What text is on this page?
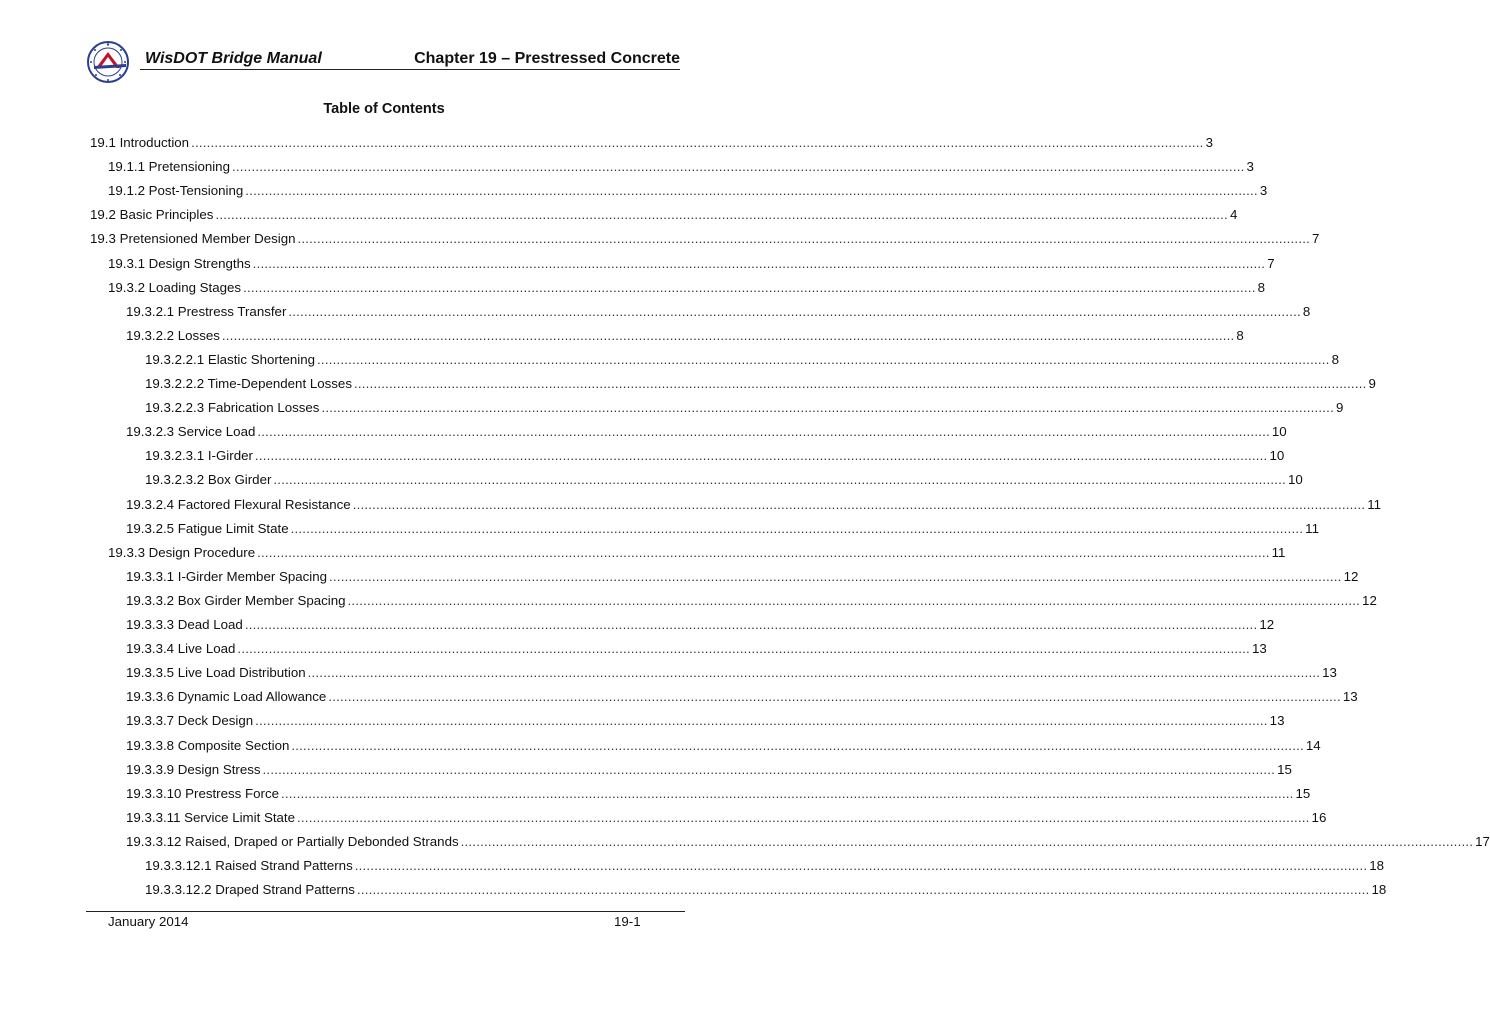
WisDOT Bridge Manual	Chapter 19 – Prestressed Concrete
Table of Contents
19.1 Introduction .................................................................................................................................................................................................................................................................... 3
19.1.1 Pretensioning .................................................................................................................................................................................................................................................................... 3
19.1.2 Post-Tensioning .................................................................................................................................................................................................................................................................... 3
19.2 Basic Principles .................................................................................................................................................................................................................................................................... 4
19.3 Pretensioned Member Design .................................................................................................................................................................................................................................................................... 7
19.3.1 Design Strengths .................................................................................................................................................................................................................................................................... 7
19.3.2 Loading Stages .................................................................................................................................................................................................................................................................... 8
19.3.2.1 Prestress Transfer .................................................................................................................................................................................................................................................................... 8
19.3.2.2 Losses .................................................................................................................................................................................................................................................................... 8
19.3.2.2.1 Elastic Shortening .................................................................................................................................................................................................................................................................... 8
19.3.2.2.2 Time-Dependent Losses .................................................................................................................................................................................................................................................................... 9
19.3.2.2.3 Fabrication Losses .................................................................................................................................................................................................................................................................... 9
19.3.2.3 Service Load .................................................................................................................................................................................................................................................................... 10
19.3.2.3.1 I-Girder .................................................................................................................................................................................................................................................................... 10
19.3.2.3.2 Box Girder .................................................................................................................................................................................................................................................................... 10
19.3.2.4 Factored Flexural Resistance .................................................................................................................................................................................................................................................................... 11
19.3.2.5 Fatigue Limit State .................................................................................................................................................................................................................................................................... 11
19.3.3 Design Procedure .................................................................................................................................................................................................................................................................... 11
19.3.3.1 I-Girder Member Spacing .................................................................................................................................................................................................................................................................... 12
19.3.3.2 Box Girder Member Spacing .................................................................................................................................................................................................................................................................... 12
19.3.3.3 Dead Load .................................................................................................................................................................................................................................................................... 12
19.3.3.4 Live Load .................................................................................................................................................................................................................................................................... 13
19.3.3.5 Live Load Distribution .................................................................................................................................................................................................................................................................... 13
19.3.3.6 Dynamic Load Allowance .................................................................................................................................................................................................................................................................... 13
19.3.3.7 Deck Design .................................................................................................................................................................................................................................................................... 13
19.3.3.8 Composite Section .................................................................................................................................................................................................................................................................... 14
19.3.3.9 Design Stress .................................................................................................................................................................................................................................................................... 15
19.3.3.10 Prestress Force .................................................................................................................................................................................................................................................................... 15
19.3.3.11 Service Limit State .................................................................................................................................................................................................................................................................... 16
19.3.3.12 Raised, Draped or Partially Debonded Strands .................................................................................................................................................................................................................................................................... 17
19.3.3.12.1 Raised Strand Patterns .................................................................................................................................................................................................................................................................... 18
19.3.3.12.2 Draped Strand Patterns .................................................................................................................................................................................................................................................................... 18
January 2014	19-1
